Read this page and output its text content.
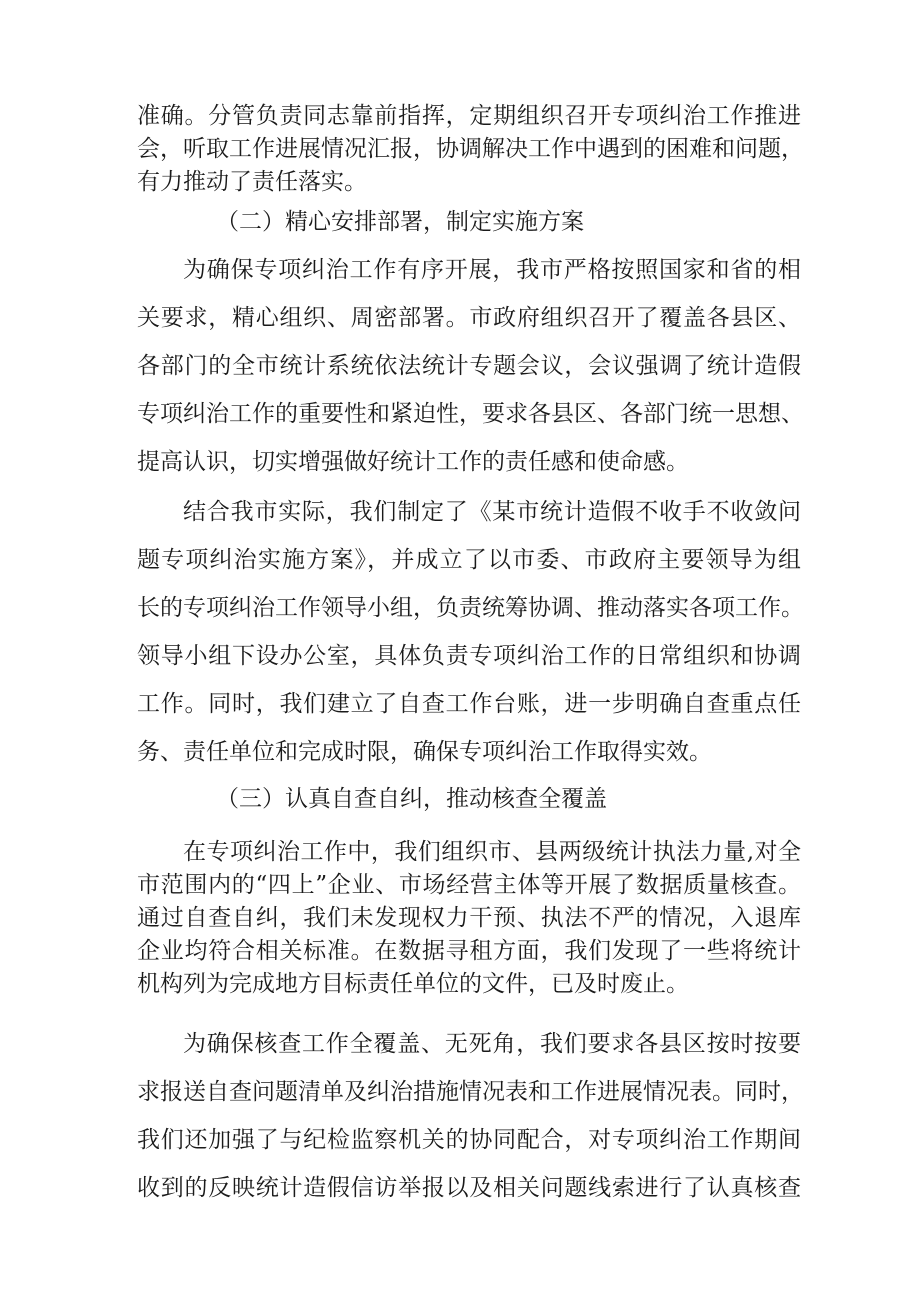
准确。分管负责同志靠前指挥，定期组织召开专项纠治工作推进
会，听取工作进展情况汇报，协调解决工作中遇到的困难和问题，
有力推动了责任落实。

（二）精心安排部署，制定实施方案

为确保专项纠治工作有序开展，我市严格按照国家和省的相
关要求，精心组织、周密部署。市政府组织召开了覆盖各县区、
各部门的全市统计系统依法统计专题会议，会议强调了统计造假
专项纠治工作的重要性和紧迫性，要求各县区、各部门统一思想、
提高认识，切实增强做好统计工作的责任感和使命感。
结合我市实际，我们制定了《某市统计造假不收手不收敛问
题专项纠治实施方案》，并成立了以市委、市政府主要领导为组
长的专项纠治工作领导小组，负责统筹协调、推动落实各项工作。
领导小组下设办公室，具体负责专项纠治工作的日常组织和协调
工作。同时，我们建立了自查工作台账，进一步明确自查重点任
务、责任单位和完成时限，确保专项纠治工作取得实效。

（三）认真自查自纠，推动核查全覆盖

在专项纠治工作中，我们组织市、县两级统计执法力量,对全
市范围内的“四上”企业、市场经营主体等开展了数据质量核查。
通过自查自纠，我们未发现权力干预、执法不严的情况，入退库
企业均符合相关标准。在数据寻租方面，我们发现了一些将统计
机构列为完成地方目标责任单位的文件，已及时废止。
为确保核查工作全覆盖、无死角，我们要求各县区按时按要
求报送自查问题清单及纠治措施情况表和工作进展情况表。同时，
我们还加强了与纪检监察机关的协同配合，对专项纠治工作期间
收到的反映统计造假信访举报以及相关问题线索进行了认真核查
